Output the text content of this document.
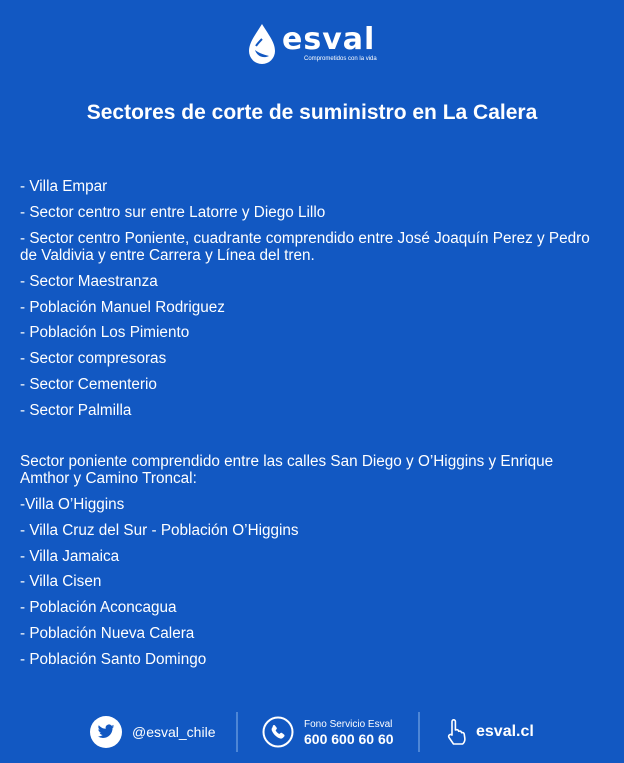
esval
Comprometidos con la vida
Sectores de corte de suministro en La Calera
- Villa Empar
- Sector centro sur entre Latorre y Diego Lillo
- Sector centro Poniente, cuadrante comprendido entre José Joaquín Perez y Pedro de Valdivia y entre Carrera y Línea del tren.
- Sector Maestranza
- Población Manuel Rodriguez
- Población Los Pimiento
- Sector compresoras
- Sector Cementerio
- Sector Palmilla

Sector poniente comprendido entre las calles San Diego y O’Higgins y Enrique Amthor y Camino Troncal:

-Villa O’Higgins
- Villa Cruz del Sur - Población O’Higgins
- Villa Jamaica
- Villa Cisen
- Población Aconcagua
- Población Nueva Calera
- Población Santo Domingo
@esval_chile	Fono Servicio Esval
600 600 60 60	esval.cl
